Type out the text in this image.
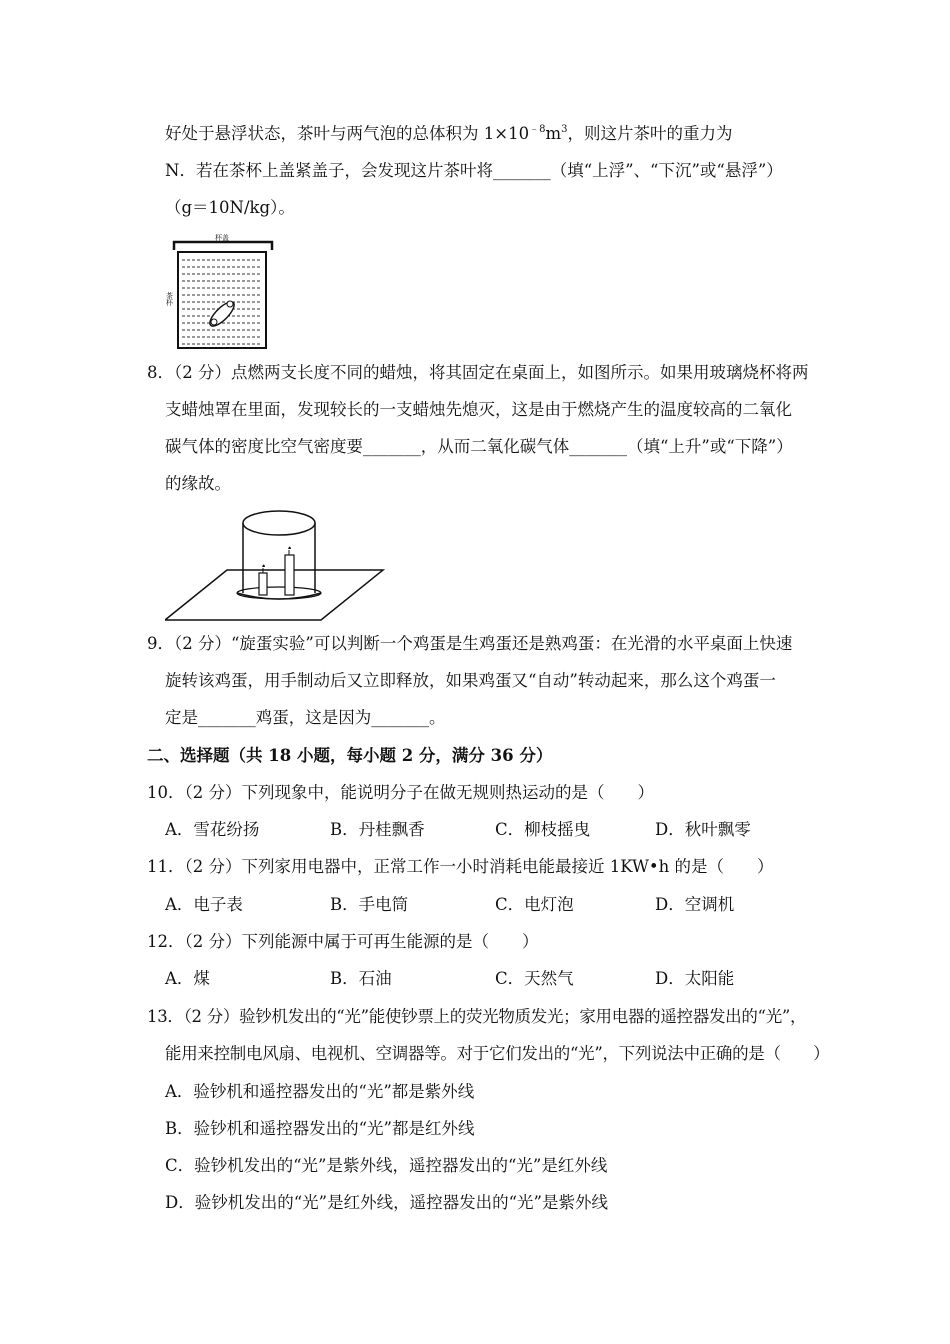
好处于悬浮状态，茶叶与两气泡的总体积为 $1\times 10^{﹣8}m^3$，则这片茶叶的重力为
N．若在茶杯上盖紧盖子，会发现这片茶叶将_______（填“上浮”、“下沉”或“悬浮”）
（g＝10N/kg）。
杯盖
茶杯
8．（2 分）点燃两支长度不同的蜡烛，将其固定在桌面上，如图所示。如果用玻璃烧杯将两
支蜡烛罩在里面，发现较长的一支蜡烛先熄灭，这是由于燃烧产生的温度较高的二氧化
碳气体的密度比空气密度要_______，从而二氧化碳气体_______（填“上升”或“下降”）
的缘故。
9．（2 分）“旋蛋实验”可以判断一个鸡蛋是生鸡蛋还是熟鸡蛋：在光滑的水平桌面上快速
旋转该鸡蛋，用手制动后又立即释放，如果鸡蛋又“自动”转动起来，那么这个鸡蛋一
定是_______鸡蛋，这是因为_______。
二、选择题（共 18 小题，每小题 2 分，满分 36 分）
10．（2 分）下列现象中，能说明分子在做无规则热运动的是（　　）
A．雪花纷扬	B．丹桂飘香	C．柳枝摇曳	D．秋叶飘零
11．（2 分）下列家用电器中，正常工作一小时消耗电能最接近 1KW•h 的是（　　）
A．电子表	B．手电筒	C．电灯泡	D．空调机
12．（2 分）下列能源中属于可再生能源的是（　　）
A．煤	B．石油	C．天然气	D．太阳能
13．（2 分）验钞机发出的“光”能使钞票上的荧光物质发光；家用电器的遥控器发出的“光”，
能用来控制电风扇、电视机、空调器等。对于它们发出的“光”，下列说法中正确的是（　　）
A．验钞机和遥控器发出的“光”都是紫外线
B．验钞机和遥控器发出的“光”都是红外线
C．验钞机发出的“光”是紫外线，遥控器发出的“光”是红外线
D．验钞机发出的“光”是红外线，遥控器发出的“光”是紫外线
